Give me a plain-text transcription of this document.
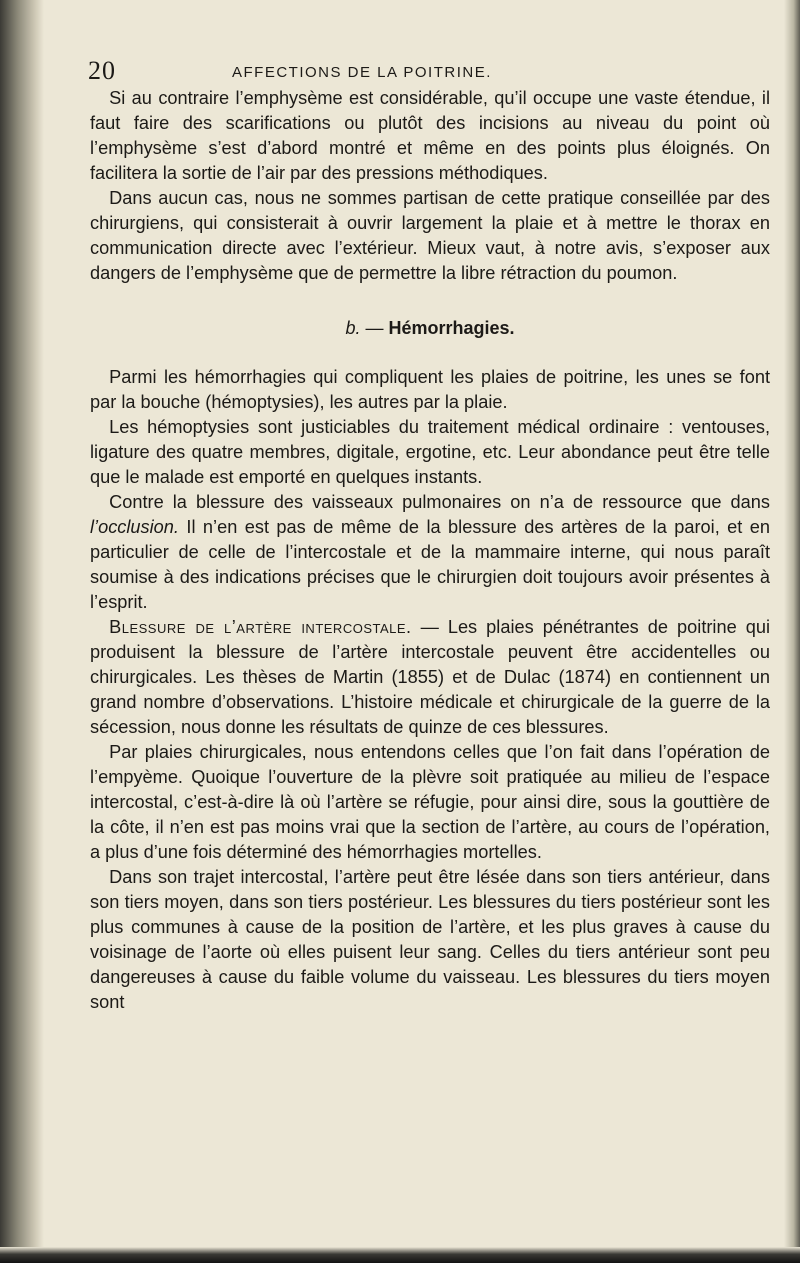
20	AFFECTIONS DE LA POITRINE.

Si au contraire l’emphysème est considérable, qu’il occupe une vaste étendue, il faut faire des scarifications ou plutôt des incisions au niveau du point où l’emphysème s’est d’abord montré et même en des points plus éloignés. On facilitera la sortie de l’air par des pressions méthodiques.

Dans aucun cas, nous ne sommes partisan de cette pratique conseillée par des chirurgiens, qui consisterait à ouvrir largement la plaie et à mettre le thorax en communication directe avec l’extérieur. Mieux vaut, à notre avis, s’exposer aux dangers de l’emphysème que de permettre la libre rétraction du poumon.

b. — Hémorrhagies.

Parmi les hémorrhagies qui compliquent les plaies de poitrine, les unes se font par la bouche (hémoptysies), les autres par la plaie.

Les hémoptysies sont justiciables du traitement médical ordinaire : ventouses, ligature des quatre membres, digitale, ergotine, etc. Leur abondance peut être telle que le malade est emporté en quelques instants.

Contre la blessure des vaisseaux pulmonaires on n’a de ressource que dans l’occlusion. Il n’en est pas de même de la blessure des artères de la paroi, et en particulier de celle de l’intercostale et de la mammaire interne, qui nous paraît soumise à des indications précises que le chirurgien doit toujours avoir présentes à l’esprit.

Blessure de l’artère intercostale. — Les plaies pénétrantes de poitrine qui produisent la blessure de l’artère intercostale peuvent être accidentelles ou chirurgicales. Les thèses de Martin (1855) et de Dulac (1874) en contiennent un grand nombre d’observations. L’histoire médicale et chirurgicale de la guerre de la sécession, nous donne les résultats de quinze de ces blessures.

Par plaies chirurgicales, nous entendons celles que l’on fait dans l’opération de l’empyème. Quoique l’ouverture de la plèvre soit pratiquée au milieu de l’espace intercostal, c’est-à-dire là où l’artère se réfugie, pour ainsi dire, sous la gouttière de la côte, il n’en est pas moins vrai que la section de l’artère, au cours de l’opération, a plus d’une fois déterminé des hémorrhagies mortelles.

Dans son trajet intercostal, l’artère peut être lésée dans son tiers antérieur, dans son tiers moyen, dans son tiers postérieur. Les blessures du tiers postérieur sont les plus communes à cause de la position de l’artère, et les plus graves à cause du voisinage de l’aorte où elles puisent leur sang. Celles du tiers antérieur sont peu dangereuses à cause du faible volume du vaisseau. Les blessures du tiers moyen sont
